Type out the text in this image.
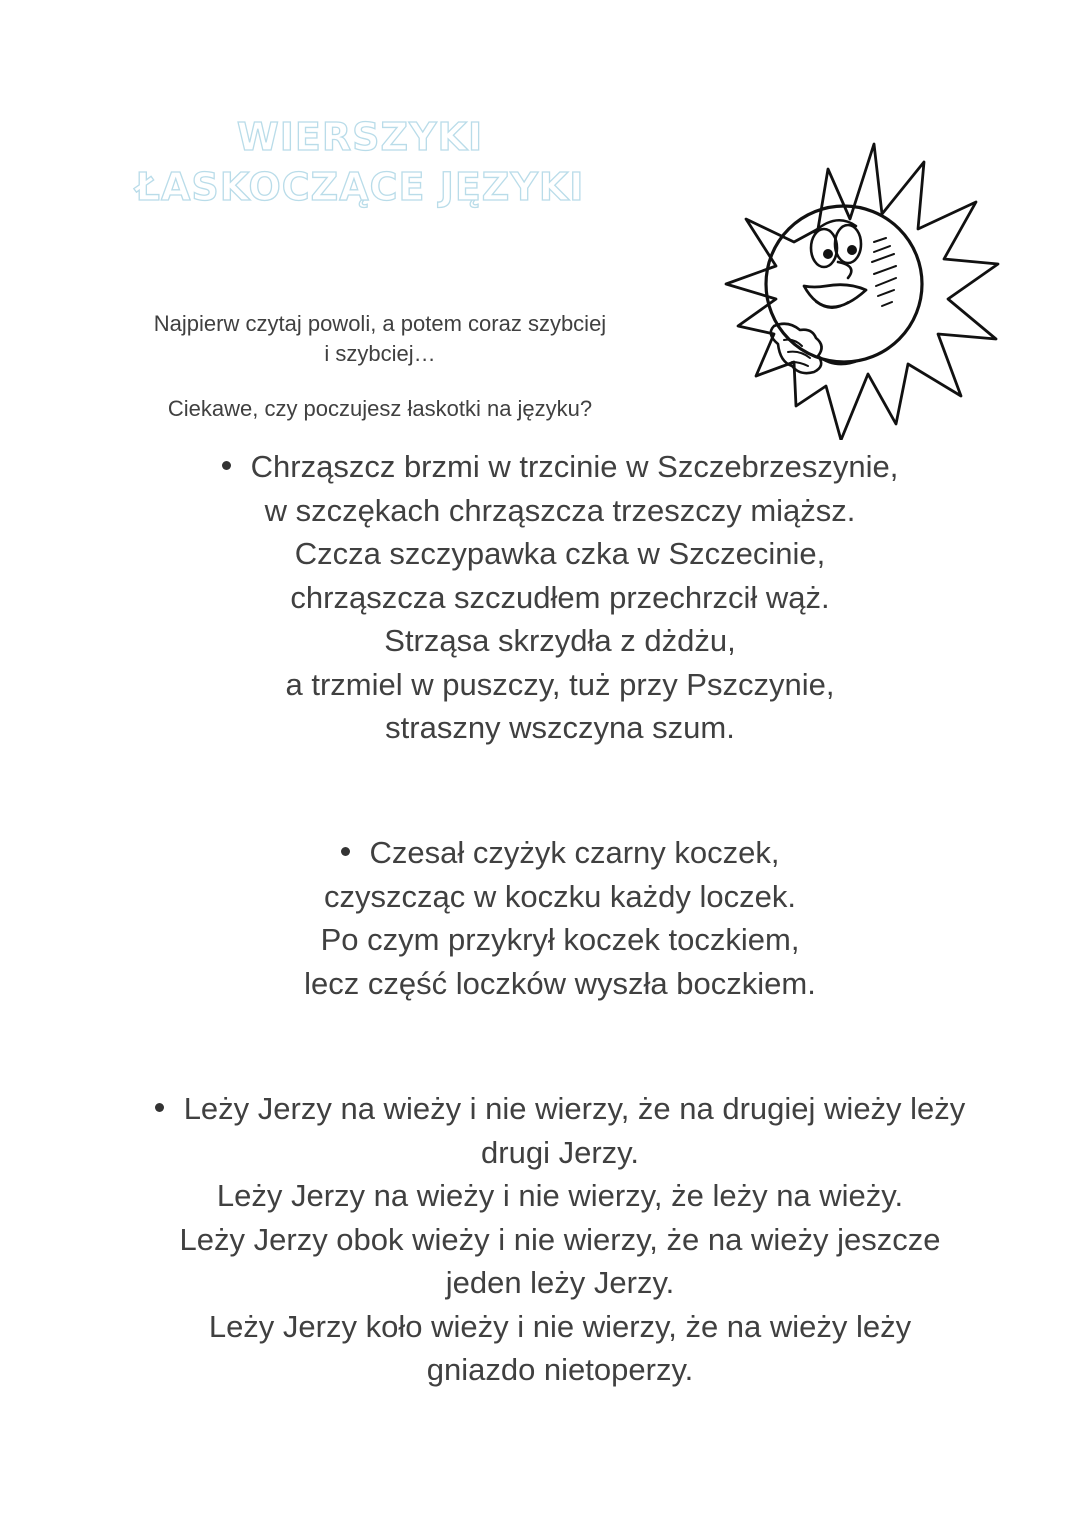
WIERSZYKI
ŁASKOCZĄCE JĘZYKI
Najpierw czytaj powoli, a potem coraz szybciej
i szybciej…
Ciekawe, czy poczujesz łaskotki na języku?
Chrząszcz brzmi w trzcinie w Szczebrzeszynie,
w szczękach chrząszcza trzeszczy miąższ.
Czcza szczypawka czka w Szczecinie,
chrząszcza szczudłem przechrzcił wąż.
Strząsa skrzydła z dżdżu,
a trzmiel w puszczy, tuż przy Pszczynie,
straszny wszczyna szum.
Czesał czyżyk czarny koczek,
czyszcząc w koczku każdy loczek.
Po czym przykrył koczek toczkiem,
lecz część loczków wyszła boczkiem.
Leży Jerzy na wieży i nie wierzy, że na drugiej wieży leży
drugi Jerzy.
Leży Jerzy na wieży i nie wierzy, że leży na wieży.
Leży Jerzy obok wieży i nie wierzy, że na wieży jeszcze
jeden leży Jerzy.
Leży Jerzy koło wieży i nie wierzy, że na wieży leży
gniazdo nietoperzy.
